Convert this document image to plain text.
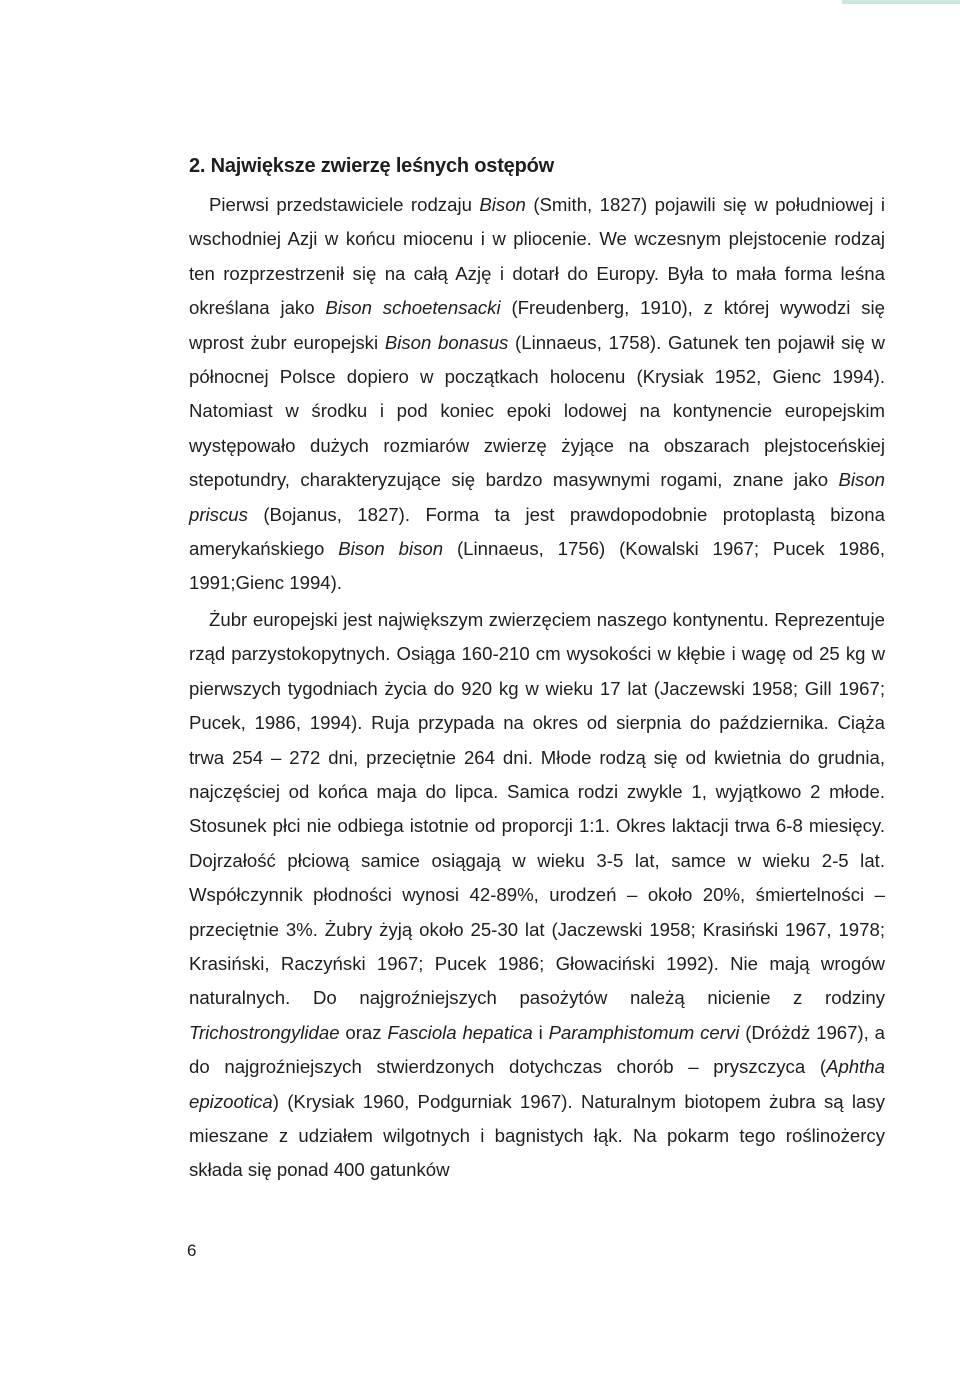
2. Największe zwierzę leśnych ostępów

Pierwsi przedstawiciele rodzaju Bison (Smith, 1827) pojawili się w południowej i wschodniej Azji w końcu miocenu i w pliocenie. We wczesnym plejstocenie rodzaj ten rozprzestrzenił się na całą Azję i dotarł do Europy. Była to mała forma leśna określana jako Bison schoetensacki (Freudenberg, 1910), z której wywodzi się wprost żubr europejski Bison bonasus (Linnaeus, 1758). Gatunek ten pojawił się w północnej Polsce dopiero w początkach holocenu (Krysiak 1952, Gienc 1994). Natomiast w środku i pod koniec epoki lodowej na kontynencie europejskim występowało dużych rozmiarów zwierzę żyjące na obszarach plejstoceńskiej stepotundry, charakteryzujące się bardzo masywnymi rogami, znane jako Bison priscus (Bojanus, 1827). Forma ta jest prawdopodobnie protoplastą bizona amerykańskiego Bison bison (Linnaeus, 1756) (Kowalski 1967; Pucek 1986, 1991;Gienc 1994).

Żubr europejski jest największym zwierzęciem naszego kontynentu. Reprezentuje rząd parzystokopytnych. Osiąga 160-210 cm wysokości w kłębie i wagę od 25 kg w pierwszych tygodniach życia do 920 kg w wieku 17 lat (Jaczewski 1958; Gill 1967; Pucek, 1986, 1994). Ruja przypada na okres od sierpnia do października. Ciąża trwa 254 – 272 dni, przeciętnie 264 dni. Młode rodzą się od kwietnia do grudnia, najczęściej od końca maja do lipca. Samica rodzi zwykle 1, wyjątkowo 2 młode. Stosunek płci nie odbiega istotnie od proporcji 1:1. Okres laktacji trwa 6-8 miesięcy. Dojrzałość płciową samice osiągają w wieku 3-5 lat, samce w wieku 2-5 lat. Współczynnik płodności wynosi 42-89%, urodzeń – około 20%, śmiertelności – przeciętnie 3%. Żubry żyją około 25-30 lat (Jaczewski 1958; Krasiński 1967, 1978; Krasiński, Raczyński 1967; Pucek 1986; Głowaciński 1992). Nie mają wrogów naturalnych. Do najgroźniejszych pasożytów należą nicienie z rodziny Trichostrongylidae oraz Fasciola hepatica i Paramphistomum cervi (Dróżdż 1967), a do najgroźniejszych stwierdzonych dotychczas chorób – pryszczyca (Aphtha epizootica) (Krysiak 1960, Podgurniak 1967). Naturalnym biotopem żubra są lasy mieszane z udziałem wilgotnych i bagnistych łąk. Na pokarm tego roślinożercy składa się ponad 400 gatunków

6
